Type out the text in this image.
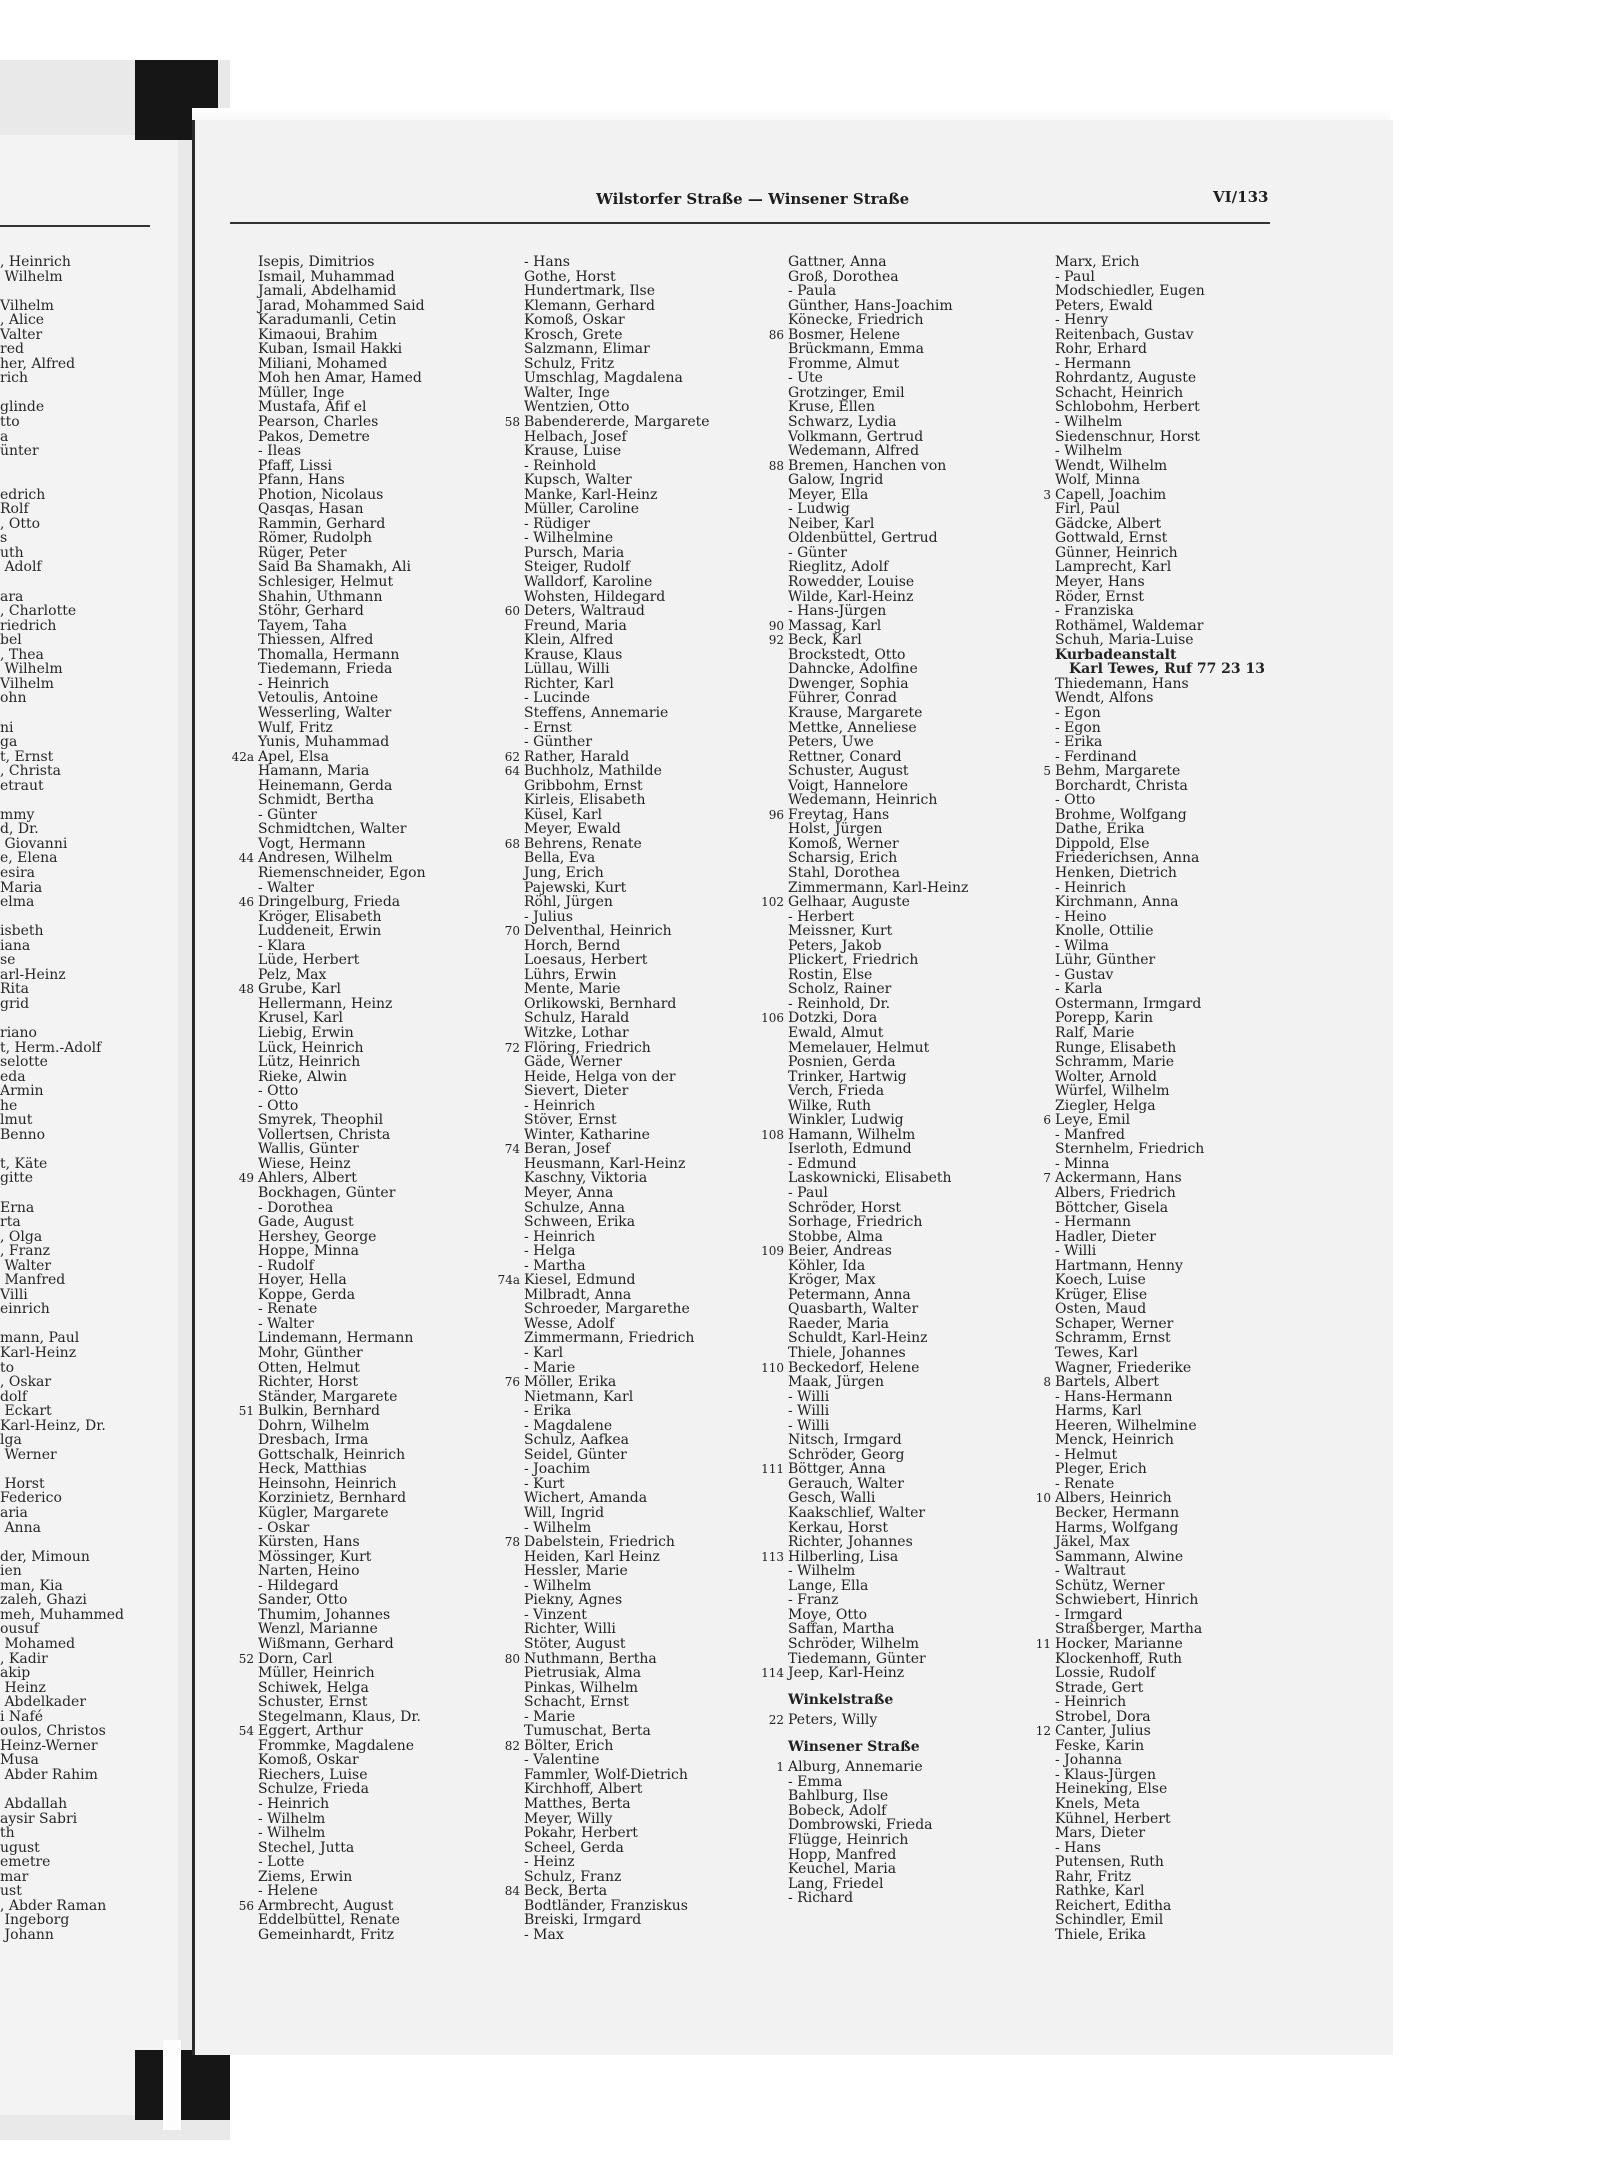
, Heinrich
Wilhelm
Vilhelm
, Alice
Valter
red
her, Alfred
rich
glinde
tto
a
ünter
edrich
Rolf
, Otto
s
uth
Adolf
ara
, Charlotte
riedrich
bel
, Thea
Wilhelm
Vilhelm
ohn
ni
ga
t, Ernst
, Christa
etraut
mmy
d, Dr.
Giovanni
e, Elena
esira
Maria
elma
isbeth
iana
se
arl-Heinz
Rita
grid
riano
t, Herm.-Adolf
selotte
eda
Armin
he
lmut
Benno
t, Käte
gitte
Erna
rta
, Olga
, Franz
Walter
Manfred
Villi
einrich
mann, Paul
Karl-Heinz
to
, Oskar
dolf
Eckart
Karl-Heinz, Dr.
lga
Werner
Horst
Federico
aria
Anna
der, Mimoun
ien
man, Kia
zaleh, Ghazi
meh, Muhammed
ousuf
Mohamed
, Kadir
akip
Heinz
Abdelkader
i Nafé
oulos, Christos
Heinz-Werner
Musa
Abder Rahim
Abdallah
aysir Sabri
th
ugust
emetre
mar
ust
, Abder Raman
Ingeborg
Johann
Wilstorfer Straße — Winsener Straße	VI/133
Isepis, Dimitrios
Ismail, Muhammad
Jamali, Abdelhamid
Jarad, Mohammed Said
Karadumanli, Cetin
Kimaoui, Brahim
Kuban, Ismail Hakki
Miliani, Mohamed
Moh hen Amar, Hamed
Müller, Inge
Mustafa, Afif el
Pearson, Charles
Pakos, Demetre
- Ileas
Pfaff, Lissi
Pfann, Hans
Photion, Nicolaus
Qasqas, Hasan
Rammin, Gerhard
Römer, Rudolph
Rüger, Peter
Said Ba Shamakh, Ali
Schlesiger, Helmut
Shahin, Uthmann
Stöhr, Gerhard
Tayem, Taha
Thiessen, Alfred
Thomalla, Hermann
Tiedemann, Frieda
- Heinrich
Vetoulis, Antoine
Wesserling, Walter
Wulf, Fritz
Yunis, Muhammad
42a Apel, Elsa
Hamann, Maria
Heinemann, Gerda
Schmidt, Bertha
- Günter
Schmidtchen, Walter
Vogt, Hermann
44 Andresen, Wilhelm
Riemenschneider, Egon
- Walter
46 Dringelburg, Frieda
Kröger, Elisabeth
Luddeneit, Erwin
- Klara
Lüde, Herbert
Pelz, Max
48 Grube, Karl
Hellermann, Heinz
Krusel, Karl
Liebig, Erwin
Lück, Heinrich
Lütz, Heinrich
Rieke, Alwin
- Otto
- Otto
Smyrek, Theophil
Vollertsen, Christa
Wallis, Günter
Wiese, Heinz
49 Ahlers, Albert
Bockhagen, Günter
- Dorothea
Gade, August
Hershey, George
Hoppe, Minna
- Rudolf
Hoyer, Hella
Koppe, Gerda
- Renate
- Walter
Lindemann, Hermann
Mohr, Günther
Otten, Helmut
Richter, Horst
Ständer, Margarete
51 Bulkin, Bernhard
Dohrn, Wilhelm
Dresbach, Irma
Gottschalk, Heinrich
Heck, Matthias
Heinsohn, Heinrich
Korzinietz, Bernhard
Kügler, Margarete
- Oskar
Kürsten, Hans
Mössinger, Kurt
Narten, Heino
- Hildegard
Sander, Otto
Thumim, Johannes
Wenzl, Marianne
Wißmann, Gerhard
52 Dorn, Carl
Müller, Heinrich
Schiwek, Helga
Schuster, Ernst
Stegelmann, Klaus, Dr.
54 Eggert, Arthur
Frommke, Magdalene
Komoß, Oskar
Riechers, Luise
Schulze, Frieda
- Heinrich
- Wilhelm
- Wilhelm
Stechel, Jutta
- Lotte
Ziems, Erwin
- Helene
56 Armbrecht, August
Eddelbüttel, Renate
Gemeinhardt, Fritz
- Hans
Gothe, Horst
Hundertmark, Ilse
Klemann, Gerhard
Komoß, Oskar
Krosch, Grete
Salzmann, Elimar
Schulz, Fritz
Umschlag, Magdalena
Walter, Inge
Wentzien, Otto
58 Babendererde, Margarete
Helbach, Josef
Krause, Luise
- Reinhold
Kupsch, Walter
Manke, Karl-Heinz
Müller, Caroline
- Rüdiger
- Wilhelmine
Pursch, Maria
Steiger, Rudolf
Walldorf, Karoline
Wohsten, Hildegard
60 Deters, Waltraud
Freund, Maria
Klein, Alfred
Krause, Klaus
Lüllau, Willi
Richter, Karl
- Lucinde
Steffens, Annemarie
- Ernst
- Günther
62 Rather, Harald
64 Buchholz, Mathilde
Gribbohm, Ernst
Kirleis, Elisabeth
Küsel, Karl
Meyer, Ewald
68 Behrens, Renate
Bella, Eva
Jung, Erich
Pajewski, Kurt
Röhl, Jürgen
- Julius
70 Delventhal, Heinrich
Horch, Bernd
Loesaus, Herbert
Lührs, Erwin
Mente, Marie
Orlikowski, Bernhard
Schulz, Harald
Witzke, Lothar
72 Flöring, Friedrich
Gäde, Werner
Heide, Helga von der
Sievert, Dieter
- Heinrich
Stöver, Ernst
Winter, Katharine
74 Beran, Josef
Heusmann, Karl-Heinz
Kaschny, Viktoria
Meyer, Anna
Schulze, Anna
Schween, Erika
- Heinrich
- Helga
- Martha
74a Kiesel, Edmund
Milbradt, Anna
Schroeder, Margarethe
Wesse, Adolf
Zimmermann, Friedrich
- Karl
- Marie
76 Möller, Erika
Nietmann, Karl
- Erika
- Magdalene
Schulz, Aafkea
Seidel, Günter
- Joachim
- Kurt
Wichert, Amanda
Will, Ingrid
- Wilhelm
78 Dabelstein, Friedrich
Heiden, Karl Heinz
Hessler, Marie
- Wilhelm
Piekny, Agnes
- Vinzent
Richter, Willi
Stöter, August
80 Nuthmann, Bertha
Pietrusiak, Alma
Pinkas, Wilhelm
Schacht, Ernst
- Marie
Tumuschat, Berta
82 Bölter, Erich
- Valentine
Fammler, Wolf-Dietrich
Kirchhoff, Albert
Matthes, Berta
Meyer, Willy
Pokahr, Herbert
Scheel, Gerda
- Heinz
Schulz, Franz
84 Beck, Berta
Bodtländer, Franziskus
Breiski, Irmgard
- Max
Gattner, Anna
Groß, Dorothea
- Paula
Günther, Hans-Joachim
Könecke, Friedrich
86 Bosmer, Helene
Brückmann, Emma
Fromme, Almut
- Ute
Grotzinger, Emil
Kruse, Ellen
Schwarz, Lydia
Volkmann, Gertrud
Wedemann, Alfred
88 Bremen, Hanchen von
Galow, Ingrid
Meyer, Ella
- Ludwig
Neiber, Karl
Oldenbüttel, Gertrud
- Günter
Rieglitz, Adolf
Rowedder, Louise
Wilde, Karl-Heinz
- Hans-Jürgen
90 Massag, Karl
92 Beck, Karl
Brockstedt, Otto
Dahncke, Adolfine
Dwenger, Sophia
Führer, Conrad
Krause, Margarete
Mettke, Anneliese
Peters, Uwe
Rettner, Conard
Schuster, August
Voigt, Hannelore
Wedemann, Heinrich
96 Freytag, Hans
Holst, Jürgen
Komoß, Werner
Scharsig, Erich
Stahl, Dorothea
Zimmermann, Karl-Heinz
102 Gelhaar, Auguste
- Herbert
Meissner, Kurt
Peters, Jakob
Plickert, Friedrich
Rostin, Else
Scholz, Rainer
- Reinhold, Dr.
106 Dotzki, Dora
Ewald, Almut
Memelauer, Helmut
Posnien, Gerda
Trinker, Hartwig
Verch, Frieda
Wilke, Ruth
Winkler, Ludwig
108 Hamann, Wilhelm
Iserloth, Edmund
- Edmund
Laskownicki, Elisabeth
- Paul
Schröder, Horst
Sorhage, Friedrich
Stobbe, Alma
109 Beier, Andreas
Köhler, Ida
Kröger, Max
Petermann, Anna
Quasbarth, Walter
Raeder, Maria
Schuldt, Karl-Heinz
Thiele, Johannes
110 Beckedorf, Helene
Maak, Jürgen
- Willi
- Willi
- Willi
Nitsch, Irmgard
Schröder, Georg
111 Böttger, Anna
Gerauch, Walter
Gesch, Walli
Kaakschlief, Walter
Kerkau, Horst
Richter, Johannes
113 Hilberling, Lisa
- Wilhelm
Lange, Ella
- Franz
Moye, Otto
Saffan, Martha
Schröder, Wilhelm
Tiedemann, Günter
114 Jeep, Karl-Heinz
Winkelstraße
22 Peters, Willy
Winsener Straße
1 Alburg, Annemarie
- Emma
Bahlburg, Ilse
Bobeck, Adolf
Dombrowski, Frieda
Flügge, Heinrich
Hopp, Manfred
Keuchel, Maria
Lang, Friedel
- Richard
Marx, Erich
- Paul
Modschiedler, Eugen
Peters, Ewald
- Henry
Reitenbach, Gustav
Rohr, Erhard
- Hermann
Rohrdantz, Auguste
Schacht, Heinrich
Schlobohm, Herbert
- Wilhelm
Siedenschnur, Horst
- Wilhelm
Wendt, Wilhelm
Wolf, Minna
3 Capell, Joachim
Firl, Paul
Gädcke, Albert
Gottwald, Ernst
Günner, Heinrich
Lamprecht, Karl
Meyer, Hans
Röder, Ernst
- Franziska
Rothämel, Waldemar
Schuh, Maria-Luise
Kurbadeanstalt
Karl Tewes, Ruf 77 23 13
Thiedemann, Hans
Wendt, Alfons
- Egon
- Egon
- Erika
- Ferdinand
5 Behm, Margarete
Borchardt, Christa
- Otto
Brohme, Wolfgang
Dathe, Erika
Dippold, Else
Friederichsen, Anna
Henken, Dietrich
- Heinrich
Kirchmann, Anna
- Heino
Knolle, Ottilie
- Wilma
Lühr, Günther
- Gustav
- Karla
Ostermann, Irmgard
Porepp, Karin
Ralf, Marie
Runge, Elisabeth
Schramm, Marie
Wolter, Arnold
Würfel, Wilhelm
Ziegler, Helga
6 Leye, Emil
- Manfred
Sternhelm, Friedrich
- Minna
7 Ackermann, Hans
Albers, Friedrich
Böttcher, Gisela
- Hermann
Hadler, Dieter
- Willi
Hartmann, Henny
Koech, Luise
Krüger, Elise
Osten, Maud
Schaper, Werner
Schramm, Ernst
Tewes, Karl
Wagner, Friederike
8 Bartels, Albert
- Hans-Hermann
Harms, Karl
Heeren, Wilhelmine
Menck, Heinrich
- Helmut
Pleger, Erich
- Renate
10 Albers, Heinrich
Becker, Hermann
Harms, Wolfgang
Jäkel, Max
Sammann, Alwine
- Waltraut
Schütz, Werner
Schwiebert, Hinrich
- Irmgard
Straßberger, Martha
11 Hocker, Marianne
Klockenhoff, Ruth
Lossie, Rudolf
Strade, Gert
- Heinrich
Strobel, Dora
12 Canter, Julius
Feske, Karin
- Johanna
- Klaus-Jürgen
Heineking, Else
Knels, Meta
Kühnel, Herbert
Mars, Dieter
- Hans
Putensen, Ruth
Rahr, Fritz
Rathke, Karl
Reichert, Editha
Schindler, Emil
Thiele, Erika
